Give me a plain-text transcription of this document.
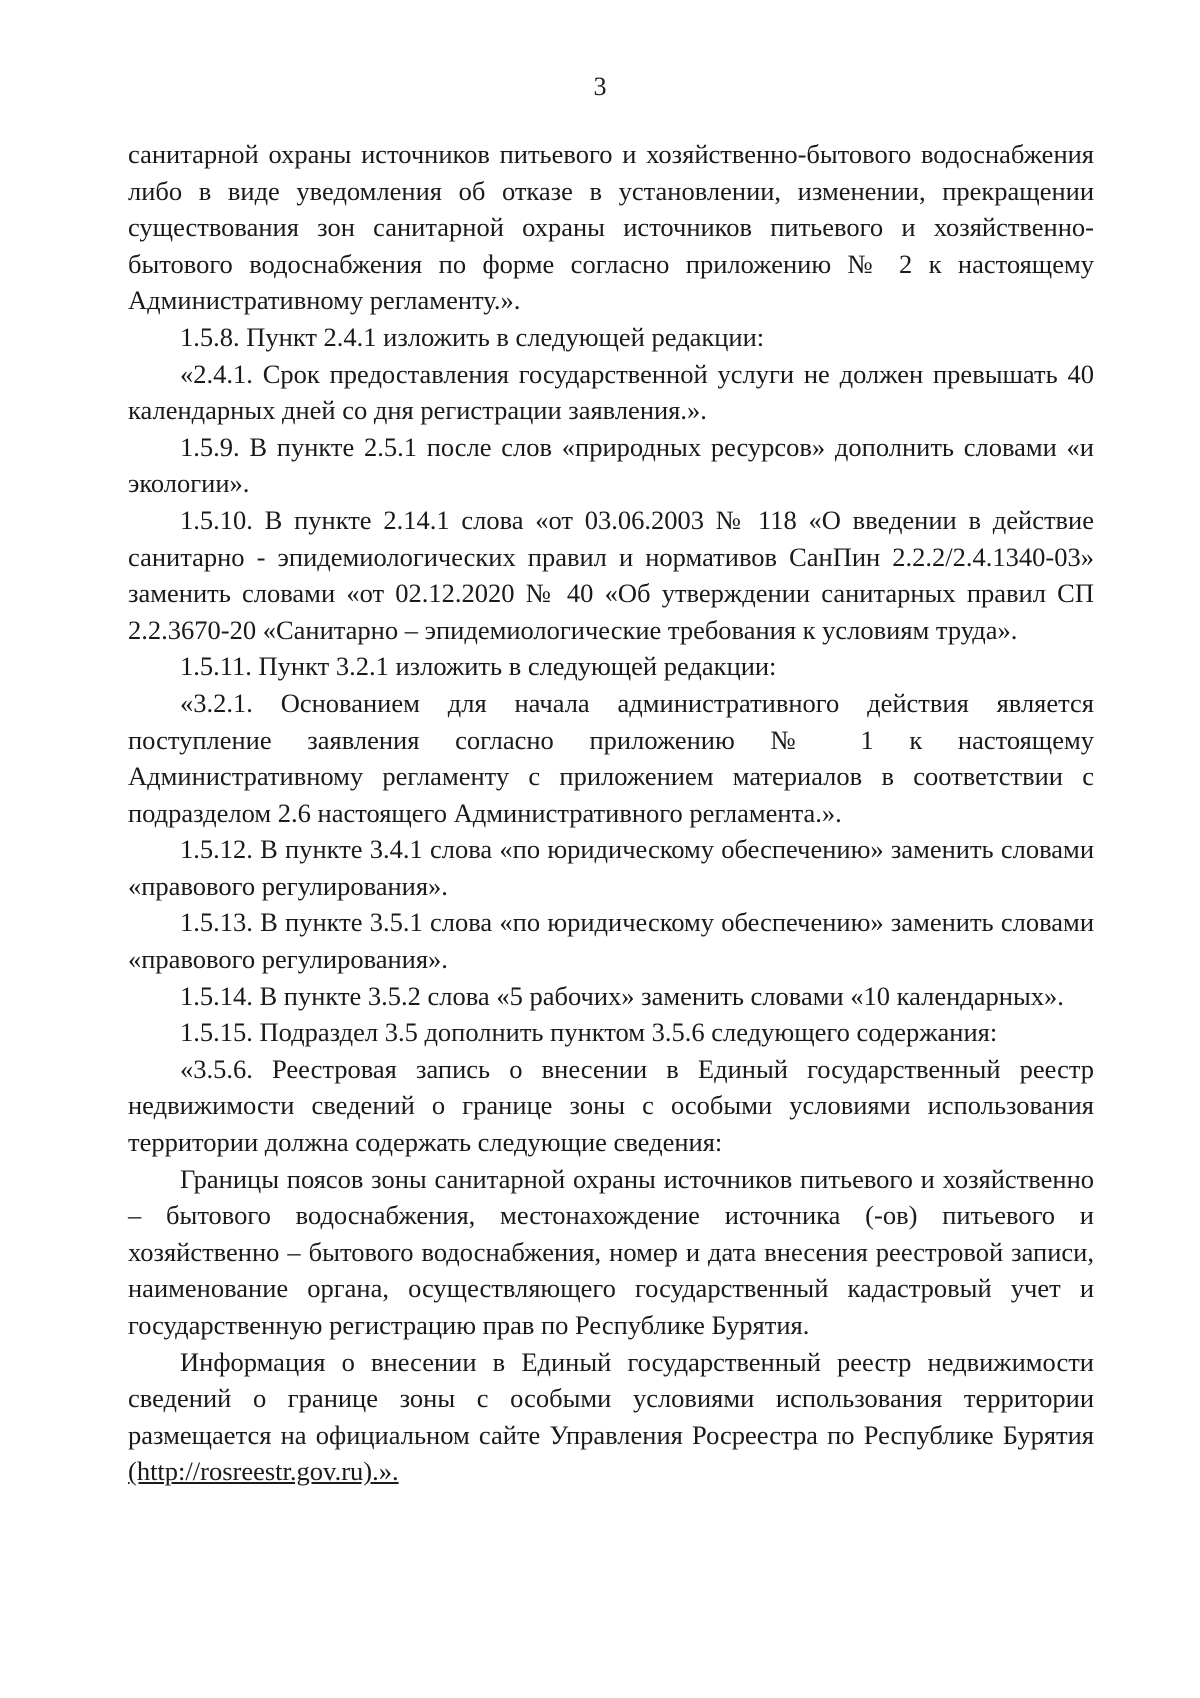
3

санитарной охраны источников питьевого и хозяйственно-бытового водоснабжения либо в виде уведомления об отказе в установлении, изменении, прекращении существования зон санитарной охраны источников питьевого и хозяйственно-бытового водоснабжения по форме согласно приложению № 2 к настоящему Административному регламенту.».

1.5.8. Пункт 2.4.1 изложить в следующей редакции:

«2.4.1. Срок предоставления государственной услуги не должен превышать 40 календарных дней со дня регистрации заявления.».

1.5.9. В пункте 2.5.1 после слов «природных ресурсов» дополнить словами «и экологии».

1.5.10. В пункте 2.14.1 слова «от 03.06.2003 № 118 «О введении в действие санитарно - эпидемиологических правил и нормативов СанПин 2.2.2/2.4.1340-03» заменить словами «от 02.12.2020 № 40 «Об утверждении санитарных правил СП 2.2.3670-20 «Санитарно – эпидемиологические требования к условиям труда».

1.5.11. Пункт 3.2.1 изложить в следующей редакции:

«3.2.1. Основанием для начала административного действия является поступление заявления согласно приложению № 1 к настоящему Административному регламенту с приложением материалов в соответствии с подразделом 2.6 настоящего Административного регламента.».

1.5.12. В пункте 3.4.1 слова «по юридическому обеспечению» заменить словами «правового регулирования».

1.5.13. В пункте 3.5.1 слова «по юридическому обеспечению» заменить словами «правового регулирования».

1.5.14. В пункте 3.5.2 слова «5 рабочих» заменить словами «10 календарных».

1.5.15. Подраздел 3.5 дополнить пунктом 3.5.6 следующего содержания:

«3.5.6. Реестровая запись о внесении в Единый государственный реестр недвижимости сведений о границе зоны с особыми условиями использования территории должна содержать следующие сведения:

Границы поясов зоны санитарной охраны источников питьевого и хозяйственно – бытового водоснабжения, местонахождение источника (-ов) питьевого и хозяйственно – бытового водоснабжения, номер и дата внесения реестровой записи, наименование органа, осуществляющего государственный кадастровый учет и государственную регистрацию прав по Республике Бурятия.

Информация о внесении в Единый государственный реестр недвижимости сведений о границе зоны с особыми условиями использования территории размещается на официальном сайте Управления Росреестра по Республике Бурятия (http://rosreestr.gov.ru).».
